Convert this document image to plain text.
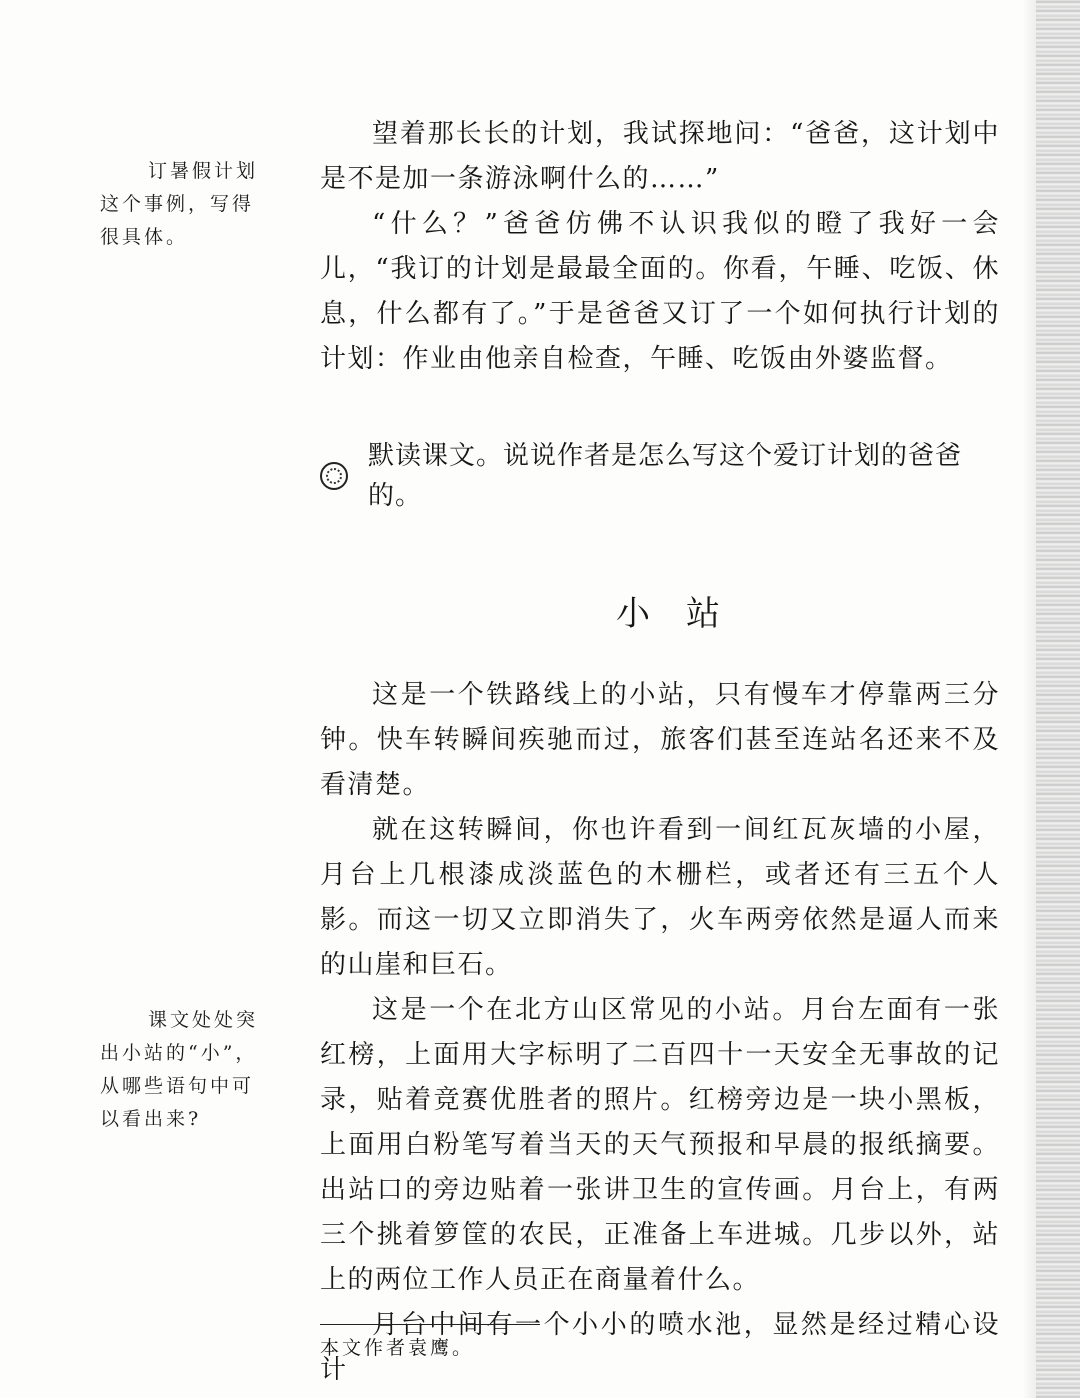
订暑假计划

这个事例，写得

很具体。

望着那长长的计划，我试探地问：“爸爸，这计划中是不是加一条游泳啊什么的……”

“什么？”爸爸仿佛不认识我似的瞪了我好一会儿，“我订的计划是最最全面的。你看，午睡、吃饭、休息，什么都有了。”于是爸爸又订了一个如何执行计划的计划：作业由他亲自检查，午睡、吃饭由外婆监督。

默读课文。说说作者是怎么写这个爱订计划的爸爸的。
小站

这是一个铁路线上的小站，只有慢车才停靠两三分钟。快车转瞬间疾驰而过，旅客们甚至连站名还来不及看清楚。

就在这转瞬间，你也许看到一间红瓦灰墙的小屋，月台上几根漆成淡蓝色的木栅栏，或者还有三五个人影。而这一切又立即消失了，火车两旁依然是逼人而来的山崖和巨石。

这是一个在北方山区常见的小站。月台左面有一张红榜，上面用大字标明了二百四十一天安全无事故的记录，贴着竞赛优胜者的照片。红榜旁边是一块小黑板，上面用白粉笔写着当天的天气预报和早晨的报纸摘要。出站口的旁边贴着一张讲卫生的宣传画。月台上，有两三个挑着箩筐的农民，正准备上车进城。几步以外，站上的两位工作人员正在商量着什么。

月台中间有一个小小的喷水池，显然是经过精心设计

课文处处突

出小站的“小”，

从哪些语句中可

以看出来?

本文作者袁鹰。
